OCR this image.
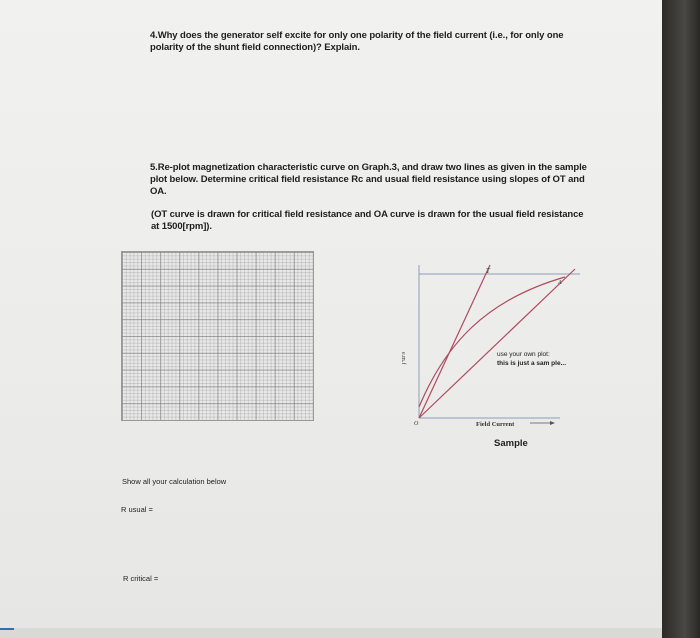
4.Why does the generator self excite for only one polarity of the field current (i.e., for only one polarity of the shunt field connection)? Explain.
5.Re-plot magnetization characteristic curve on Graph.3, and draw two lines as given in the sample plot below. Determine critical field resistance Rc and usual field resistance using slopes of OT and OA.
(OT curve is drawn for critical field resistance and OA curve is drawn for the usual field resistance at 1500[rpm]).
T
A
O
e.m.f
Field Current
use your own plot:
this is just a sam ple...
Sample
Show all your calculation below
R usual =
R critical =
